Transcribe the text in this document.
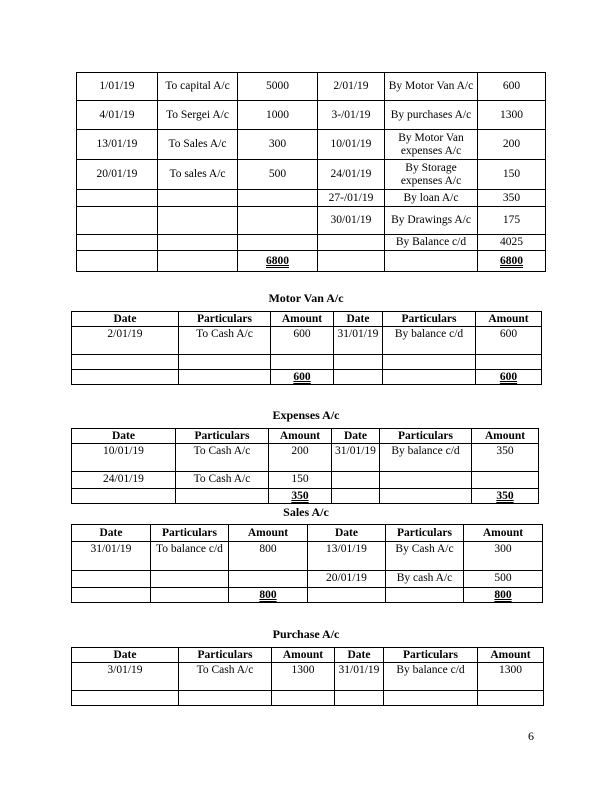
1/01/19	To capital A/c	5000	2/01/19	By Motor Van A/c	600
4/01/19	To Sergei A/c	1000	3-/01/19	By purchases A/c	1300
13/01/19	To Sales A/c	300	10/01/19	By Motor Van expenses A/c	200
20/01/19	To sales A/c	500	24/01/19	By Storage expenses A/c	150
			27-/01/19	By loan A/c	350
			30/01/19	By Drawings A/c	175
				By Balance c/d	4025
		6800			6800
Motor Van A/c
Date	Particulars	Amount	Date	Particulars	Amount
2/01/19	To Cash A/c	600	31/01/19	By balance c/d	600

		600			600
Expenses A/c
Date	Particulars	Amount	Date	Particulars	Amount
10/01/19	To Cash A/c	200	31/01/19	By balance c/d	350
24/01/19	To Cash A/c	150			
		350			350
Sales A/c
Date	Particulars	Amount	Date	Particulars	Amount
31/01/19	To balance c/d	800	13/01/19	By Cash A/c	300
			20/01/19	By cash A/c	500
		800			800
Purchase A/c
Date	Particulars	Amount	Date	Particulars	Amount
3/01/19	To Cash A/c	1300	31/01/19	By balance c/d	1300

6
